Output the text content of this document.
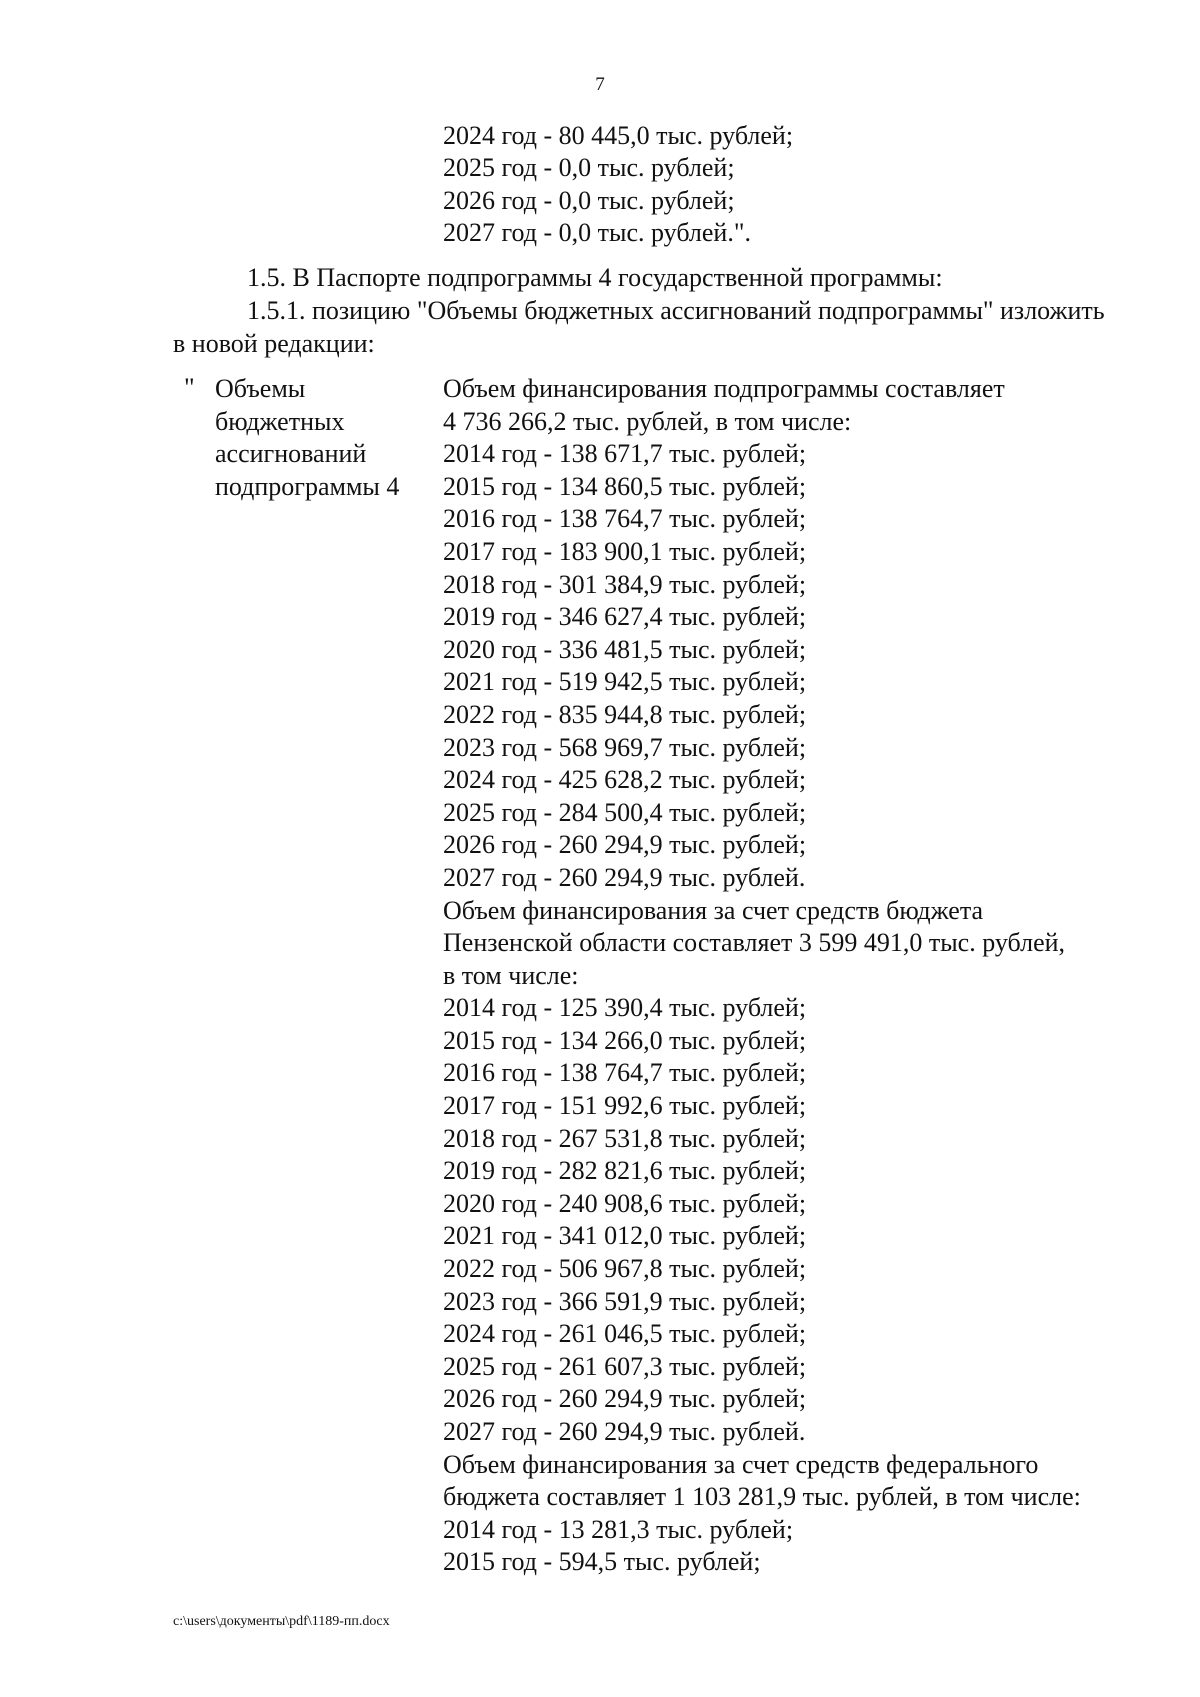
7
2024 год - 80 445,0 тыс. рублей;
2025 год - 0,0 тыс. рублей;
2026 год - 0,0 тыс. рублей;
2027 год - 0,0 тыс. рублей.".
1.5. В Паспорте подпрограммы 4 государственной программы:
1.5.1. позицию "Объемы бюджетных ассигнований подпрограммы" изложить
в новой редакции:
" Объемы
бюджетных
ассигнований
подпрограммы 4
Объем финансирования подпрограммы составляет
4 736 266,2 тыс. рублей, в том числе:
2014 год - 138 671,7 тыс. рублей;
2015 год - 134 860,5 тыс. рублей;
2016 год - 138 764,7 тыс. рублей;
2017 год - 183 900,1 тыс. рублей;
2018 год - 301 384,9 тыс. рублей;
2019 год - 346 627,4 тыс. рублей;
2020 год - 336 481,5 тыс. рублей;
2021 год - 519 942,5 тыс. рублей;
2022 год - 835 944,8 тыс. рублей;
2023 год - 568 969,7 тыс. рублей;
2024 год - 425 628,2 тыс. рублей;
2025 год - 284 500,4 тыс. рублей;
2026 год - 260 294,9 тыс. рублей;
2027 год - 260 294,9 тыс. рублей.
Объем финансирования за счет средств бюджета
Пензенской области составляет 3 599 491,0 тыс. рублей,
в том числе:
2014 год - 125 390,4 тыс. рублей;
2015 год - 134 266,0 тыс. рублей;
2016 год - 138 764,7 тыс. рублей;
2017 год - 151 992,6 тыс. рублей;
2018 год - 267 531,8 тыс. рублей;
2019 год - 282 821,6 тыс. рублей;
2020 год - 240 908,6 тыс. рублей;
2021 год - 341 012,0 тыс. рублей;
2022 год - 506 967,8 тыс. рублей;
2023 год - 366 591,9 тыс. рублей;
2024 год - 261 046,5 тыс. рублей;
2025 год - 261 607,3 тыс. рублей;
2026 год - 260 294,9 тыс. рублей;
2027 год - 260 294,9 тыс. рублей.
Объем финансирования за счет средств федерального
бюджета составляет 1 103 281,9 тыс. рублей, в том числе:
2014 год - 13 281,3 тыс. рублей;
2015 год - 594,5 тыс. рублей;
c:\users\документы\pdf\1189-пп.docx
